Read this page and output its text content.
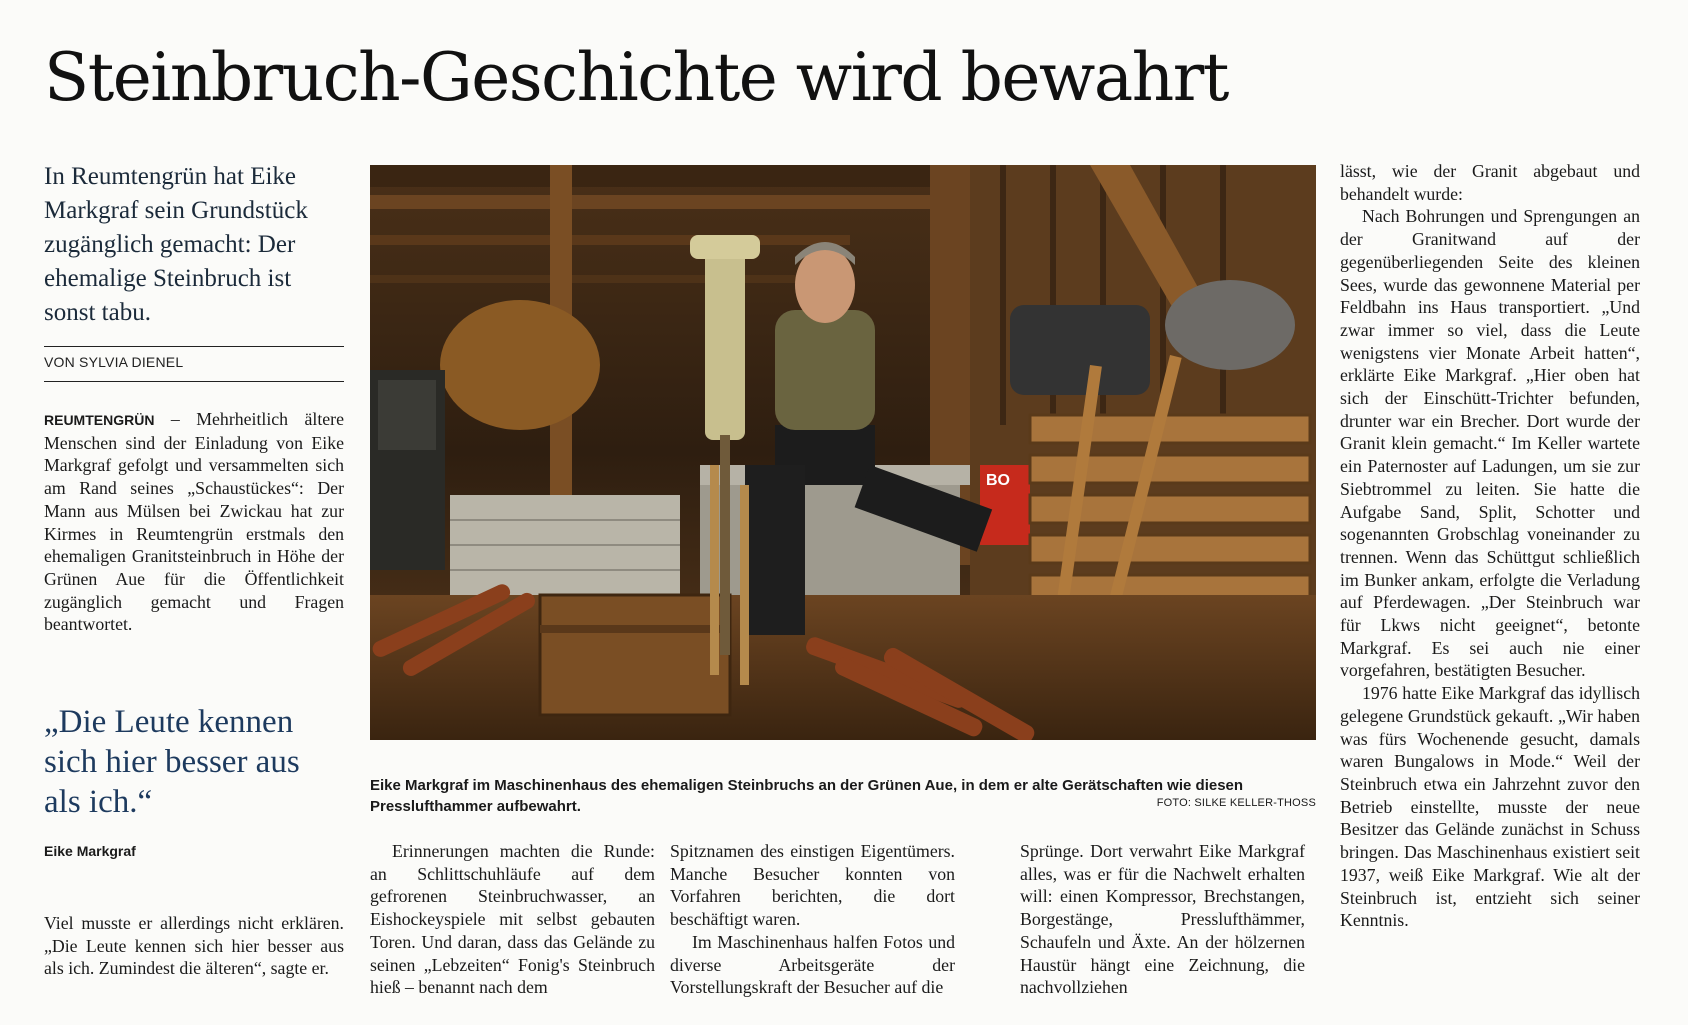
Steinbruch-Geschichte wird bewahrt
In Reumtengrün hat Eike Markgraf sein Grundstück zugänglich gemacht: Der ehemalige Steinbruch ist sonst tabu.
VON SYLVIA DIENEL
REUMTENGRÜN – Mehrheitlich ältere Menschen sind der Einladung von Eike Markgraf gefolgt und versammelten sich am Rand seines „Schaustückes“: Der Mann aus Mülsen bei Zwickau hat zur Kirmes in Reumtengrün erstmals den ehemaligen Granitsteinbruch in Höhe der Grünen Aue für die Öffentlichkeit zugänglich gemacht und Fragen beantwortet.
„Die Leute kennen sich hier besser aus als ich.“
Eike Markgraf
Viel musste er allerdings nicht erklären. „Die Leute kennen sich hier besser aus als ich. Zumindest die älteren“, sagte er.
BO
Eike Markgraf im Maschinenhaus des ehemaligen Steinbruchs an der Grünen Aue, in dem er alte Gerätschaften wie diesen Presslufthammer aufbewahrt.	FOTO: SILKE KELLER-THOSS

Erinnerungen machten die Runde: an Schlittschuhläufe auf dem gefrorenen Steinbruchwasser, an Eishockeyspiele mit selbst gebauten Toren. Und daran, dass das Gelände zu seinen „Lebzeiten“ Fonig's Steinbruch hieß – benannt nach dem

Spitznamen des einstigen Eigentümers. Manche Besucher konnten von Vorfahren berichten, die dort beschäftigt waren.

Im Maschinenhaus halfen Fotos und diverse Arbeitsgeräte der Vorstellungskraft der Besucher auf die

Sprünge. Dort verwahrt Eike Markgraf alles, was er für die Nachwelt erhalten will: einen Kompressor, Brechstangen, Borgestänge, Presslufthämmer, Schaufeln und Äxte. An der hölzernen Haustür hängt eine Zeichnung, die nachvollziehen

lässt, wie der Granit abgebaut und behandelt wurde:

Nach Bohrungen und Sprengungen an der Granitwand auf der gegenüberliegenden Seite des kleinen Sees, wurde das gewonnene Material per Feldbahn ins Haus transportiert. „Und zwar immer so viel, dass die Leute wenigstens vier Monate Arbeit hatten“, erklärte Eike Markgraf. „Hier oben hat sich der Einschütt-Trichter befunden, drunter war ein Brecher. Dort wurde der Granit klein gemacht.“ Im Keller wartete ein Paternoster auf Ladungen, um sie zur Siebtrommel zu leiten. Sie hatte die Aufgabe Sand, Split, Schotter und sogenannten Grobschlag voneinander zu trennen. Wenn das Schüttgut schließlich im Bunker ankam, erfolgte die Verladung auf Pferdewagen. „Der Steinbruch war für Lkws nicht geeignet“, betonte Markgraf. Es sei auch nie einer vorgefahren, bestätigten Besucher.

1976 hatte Eike Markgraf das idyllisch gelegene Grundstück gekauft. „Wir haben was fürs Wochenende gesucht, damals waren Bungalows in Mode.“ Weil der Steinbruch etwa ein Jahrzehnt zuvor den Betrieb einstellte, musste der neue Besitzer das Gelände zunächst in Schuss bringen. Das Maschinenhaus existiert seit 1937, weiß Eike Markgraf. Wie alt der Steinbruch ist, entzieht sich seiner Kenntnis.
